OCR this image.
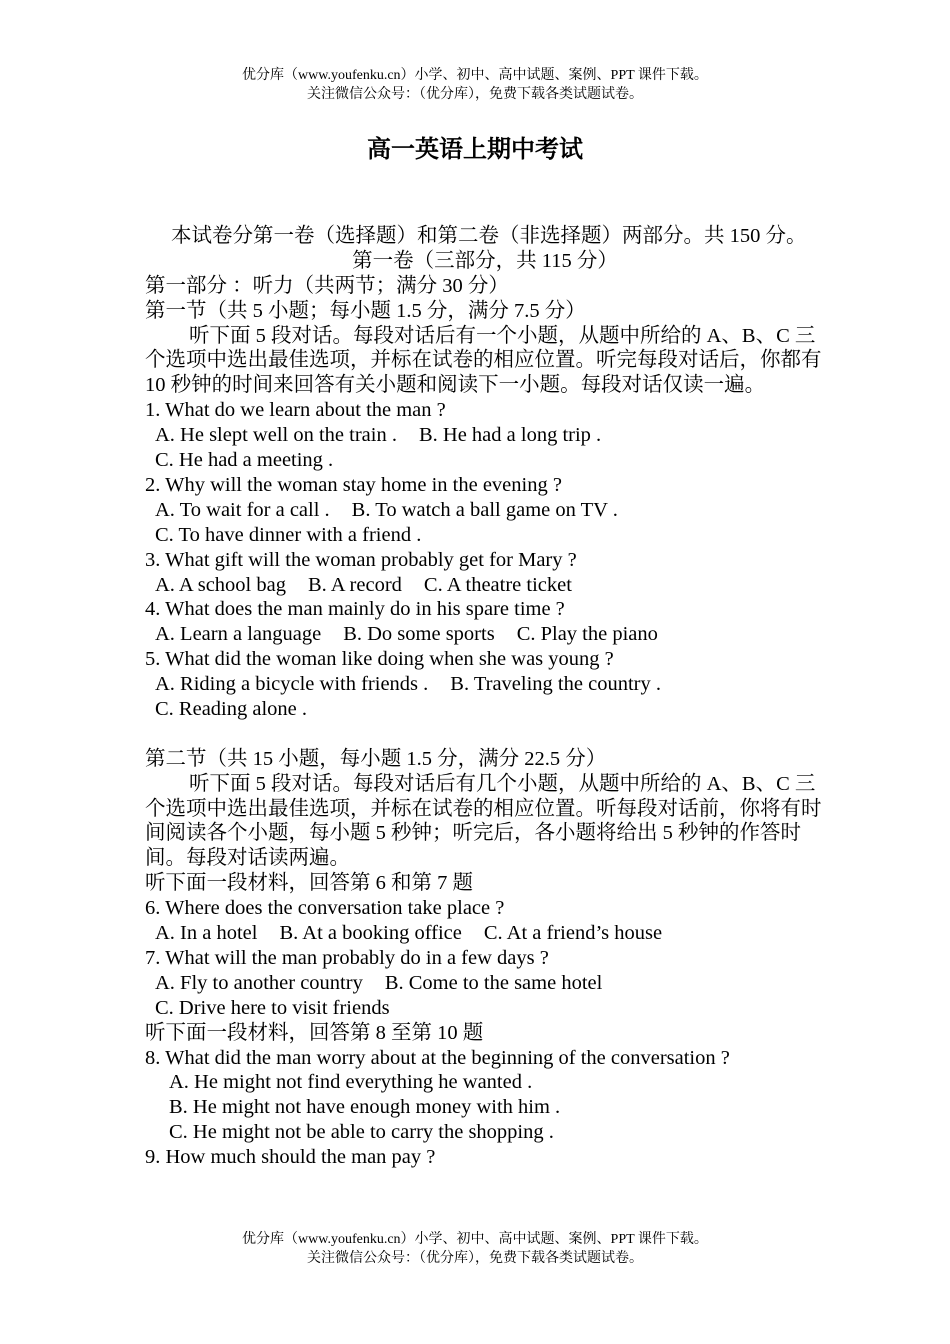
优分库（www.youfenku.cn）小学、初中、高中试题、案例、PPT 课件下载。
关注微信公众号：（优分库），免费下载各类试题试卷。
高一英语上期中考试
本试卷分第一卷（选择题）和第二卷（非选择题）两部分。共 150 分。
第一卷（三部分，共 115 分）
第一部分 ：听力（共两节；满分 30 分）
第一节（共 5 小题；每小题 1.5 分，满分 7.5 分）
听下面 5 段对话。每段对话后有一个小题，从题中所给的 A、B、C 三个选项中选出最佳选项，并标在试卷的相应位置。听完每段对话后，你都有 10 秒钟的时间来回答有关小题和阅读下一小题。每段对话仅读一遍。
1. What do we learn about the man ?
A. He slept well on the train . B. He had a long trip .
C. He had a meeting .
2. Why will the woman stay home in the evening ?
A. To wait for a call . B. To watch a ball game on TV .
C. To have dinner with a friend .
3. What gift will the woman probably get for Mary ?
A. A school bag B. A record C. A theatre ticket
4. What does the man mainly do in his spare time ?
A. Learn a language B. Do some sports C. Play the piano
5. What did the woman like doing when she was young ?
A. Riding a bicycle with friends . B. Traveling the country .
C. Reading alone .
第二节（共 15 小题，每小题 1.5 分，满分 22.5 分）
听下面 5 段对话。每段对话后有几个小题，从题中所给的 A、B、C 三个选项中选出最佳选项，并标在试卷的相应位置。听每段对话前，你将有时间阅读各个小题，每小题 5 秒钟；听完后，各小题将给出 5 秒钟的作答时间。每段对话读两遍。
听下面一段材料，回答第 6 和第 7 题
6. Where does the conversation take place ?
A. In a hotel B. At a booking office C. At a friend’s house
7. What will the man probably do in a few days ?
A. Fly to another country B. Come to the same hotel
C. Drive here to visit friends
听下面一段材料，回答第 8 至第 10 题
8. What did the man worry about at the beginning of the conversation ?
A. He might not find everything he wanted .
B. He might not have enough money with him .
C. He might not be able to carry the shopping .
9. How much should the man pay ?
优分库（www.youfenku.cn）小学、初中、高中试题、案例、PPT 课件下载。
关注微信公众号：（优分库），免费下载各类试题试卷。
